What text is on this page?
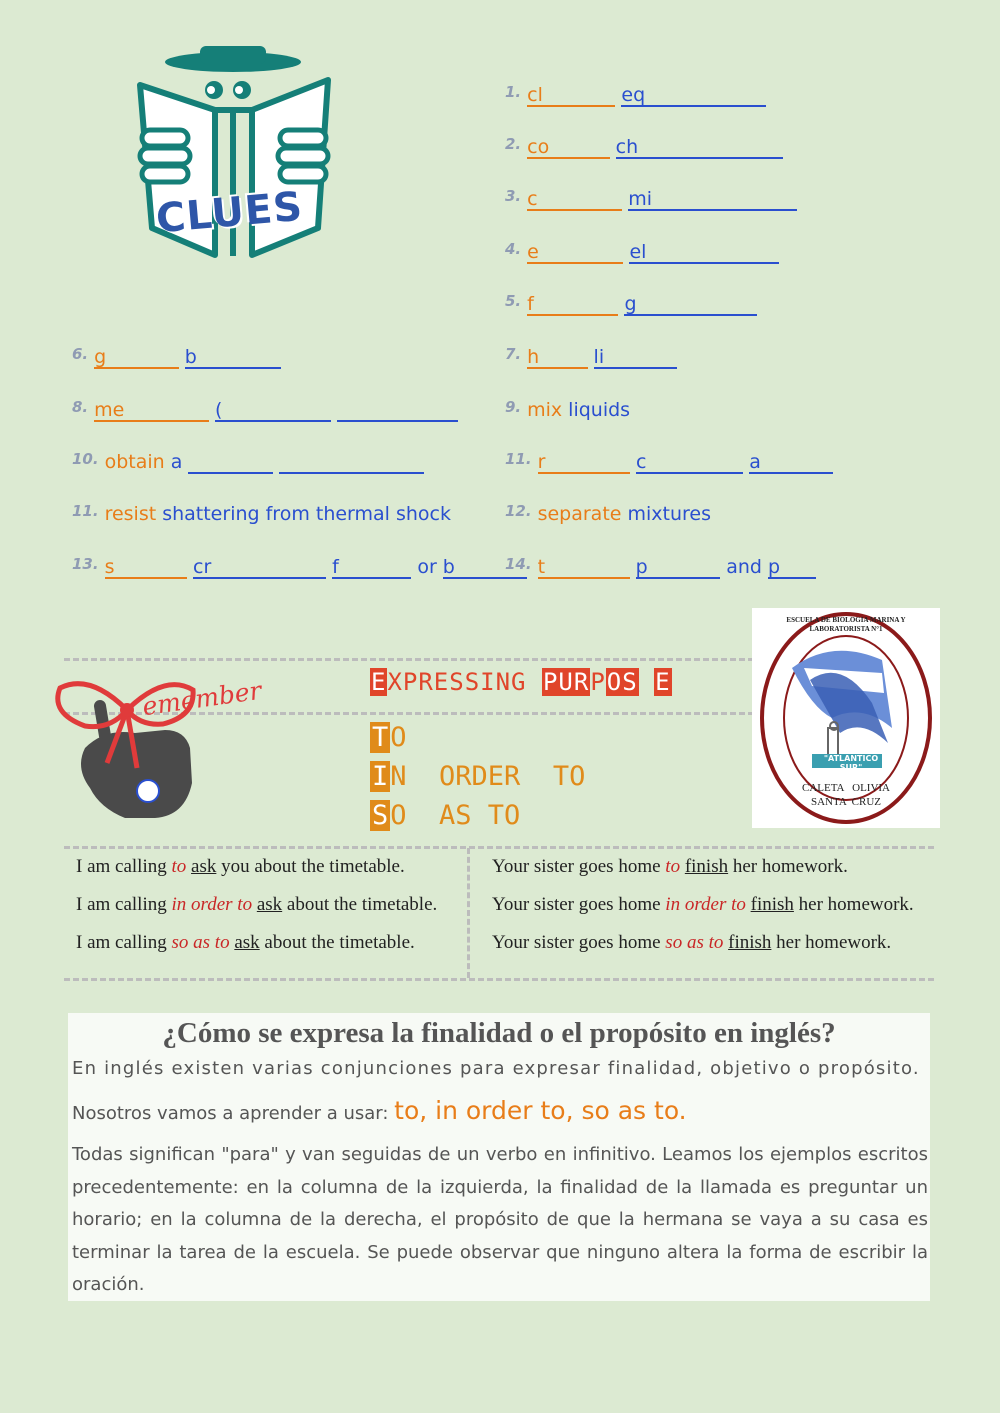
CLUES
1. cl      	eq          
2. co     	ch            
3. c       	mi            
4. e       	el           
5. f       	g          
6. g      	b       	7. h    	li      
8. me       	(                   	9. mix liquids
10. obtain a                   	11. r       	c        	a      
11. resist shattering from thermal shock	12. separate mixtures
13. s      	cr	f      	or b      	14. t       	p      	and p   
emember	EXPRESSING PURPOS E
TO
IN  ORDER  TO
SO  AS TO
"ATLANTICO SUR"
CALETA   OLIVIA
SANTA  CRUZ
ESCUELA DE BIOLOGIA MARINA Y LABORATORISTA N°1
I am calling to ask you about the timetable.
I am calling in order to ask about the timetable.
I am calling so as to ask about the timetable.
Your sister goes home to finish her homework.
Your sister goes home in order to finish her homework.
Your sister goes home so as to finish her homework.
¿Cómo se expresa la finalidad o el propósito en inglés?
En inglés existen varias conjunciones para expresar finalidad, objetivo o propósito.
Nosotros vamos a aprender a usar: to, in order to, so as to.
Todas significan "para" y van seguidas de un verbo en infinitivo. Leamos los ejemplos escritos precedentemente: en la columna de la izquierda, la finalidad de la llamada es preguntar un horario; en la columna de la derecha, el propósito de que la hermana se vaya a su casa es terminar la tarea de la escuela. Se puede observar que ninguno altera la forma de escribir la oración.
